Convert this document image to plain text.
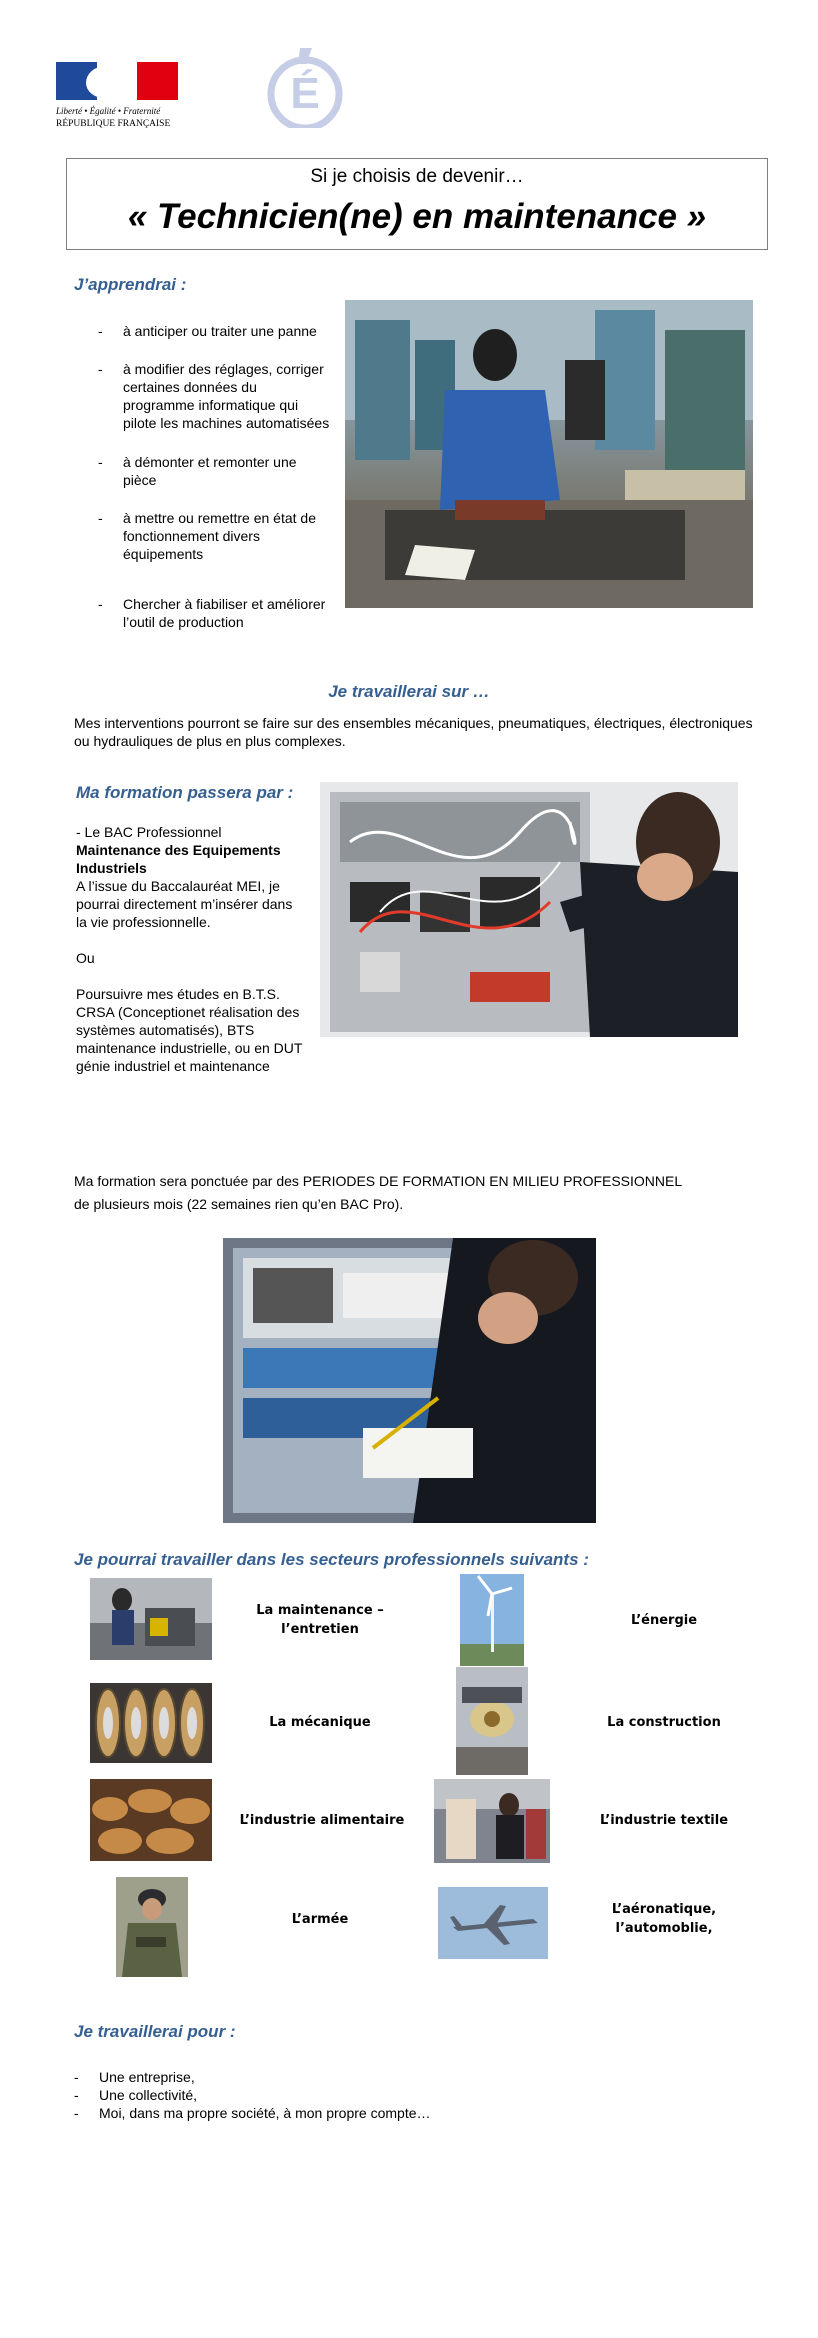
Liberté • Égalité • Fraternité
RÉPUBLIQUE FRANÇAISE
É
Si je choisis de devenir…
« Technicien(ne) en maintenance »
J’apprendrai :
- à anticiper ou traiter une panne
- à modifier des réglages, corriger certaines données du programme informatique qui pilote les machines automatisées
- à démonter et remonter une pièce
- à mettre ou remettre en état de fonctionnement divers équipements
- Chercher à fiabiliser et améliorer l’outil de production
Je travaillerai sur …
Mes interventions pourront se faire sur des ensembles mécaniques, pneumatiques, électriques, électroniques ou hydrauliques de plus en plus complexes.
Ma formation passera par :
- Le BAC Professionnel Maintenance des Equipements Industriels
A l’issue du Baccalauréat MEI, je pourrai directement m’insérer dans la vie professionnelle.
Ou
Poursuivre mes études en B.T.S. CRSA (Conceptionet réalisation des systèmes automatisés), BTS maintenance industrielle, ou en DUT génie industriel et maintenance
Ma formation sera ponctuée par des PERIODES DE FORMATION EN MILIEU PROFESSIONNEL
de plusieurs mois (22 semaines rien qu’en BAC Pro).
Je pourrai travailler dans les secteurs professionnels suivants :
La maintenance – l’entretien
L’énergie
La mécanique	La construction
L’industrie alimentaire	L’industrie textile
L’armée
L’aéronatique, l’automoblie,
Je travaillerai pour :
- Une entreprise,
- Une collectivité,
- Moi, dans ma propre société, à mon propre compte…
